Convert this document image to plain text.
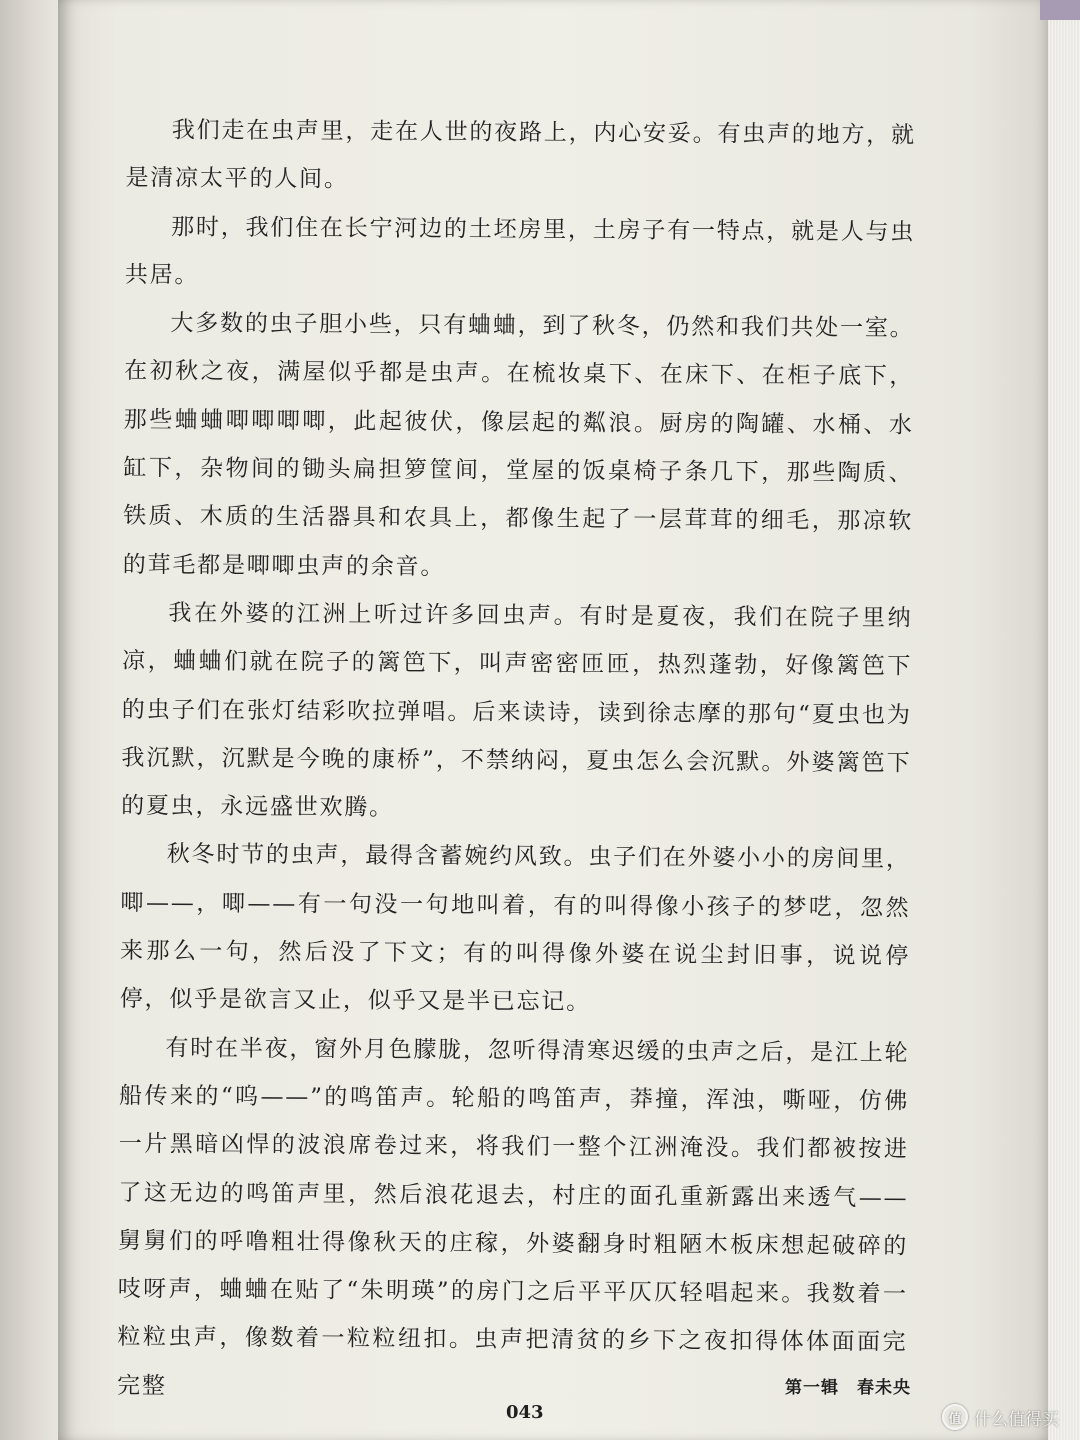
我们走在虫声里，走在人世的夜路上，内心安妥。有虫声的地方，就是清凉太平的人间。

那时，我们住在长宁河边的土坯房里，土房子有一特点，就是人与虫共居。

大多数的虫子胆小些，只有蛐蛐，到了秋冬，仍然和我们共处一室。在初秋之夜，满屋似乎都是虫声。在梳妆桌下、在床下、在柜子底下，那些蛐蛐唧唧唧唧，此起彼伏，像层起的粼浪。厨房的陶罐、水桶、水缸下，杂物间的锄头扁担箩筐间，堂屋的饭桌椅子条几下，那些陶质、铁质、木质的生活器具和农具上，都像生起了一层茸茸的细毛，那凉软的茸毛都是唧唧虫声的余音。

我在外婆的江洲上听过许多回虫声。有时是夏夜，我们在院子里纳凉，蛐蛐们就在院子的篱笆下，叫声密密匝匝，热烈蓬勃，好像篱笆下的虫子们在张灯结彩吹拉弹唱。后来读诗，读到徐志摩的那句“夏虫也为我沉默，沉默是今晚的康桥”，不禁纳闷，夏虫怎么会沉默。外婆篱笆下的夏虫，永远盛世欢腾。

秋冬时节的虫声，最得含蓄婉约风致。虫子们在外婆小小的房间里，唧——，唧——有一句没一句地叫着，有的叫得像小孩子的梦呓，忽然来那么一句，然后没了下文；有的叫得像外婆在说尘封旧事，说说停停，似乎是欲言又止，似乎又是半已忘记。

有时在半夜，窗外月色朦胧，忽听得清寒迟缓的虫声之后，是江上轮船传来的“呜——”的鸣笛声。轮船的鸣笛声，莽撞，浑浊，嘶哑，仿佛一片黑暗凶悍的波浪席卷过来，将我们一整个江洲淹没。我们都被按进了这无边的鸣笛声里，然后浪花退去，村庄的面孔重新露出来透气——舅舅们的呼噜粗壮得像秋天的庄稼，外婆翻身时粗陋木板床想起破碎的吱呀声，蛐蛐在贴了“朱明瑛”的房门之后平平仄仄轻唱起来。我数着一粒粒虫声，像数着一粒粒纽扣。虫声把清贫的乡下之夜扣得体体面面完完整	第一辑　春未央
043	值 什么值得买
